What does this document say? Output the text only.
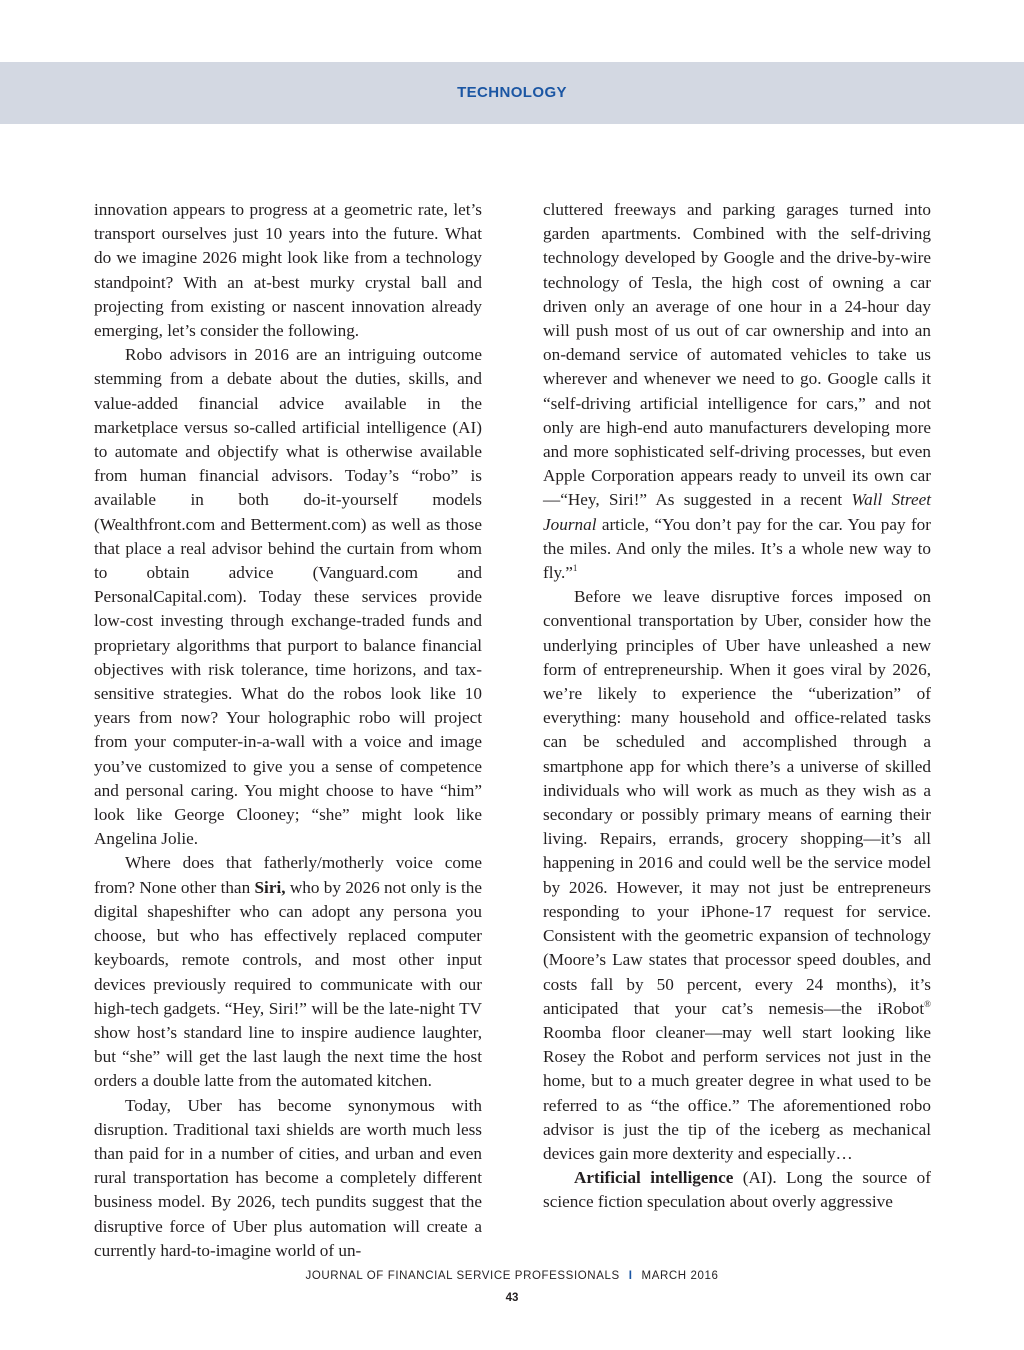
TECHNOLOGY

innovation appears to progress at a geometric rate, let’s transport ourselves just 10 years into the future. What do we imagine 2026 might look like from a technology standpoint? With an at-best murky crystal ball and projecting from existing or nascent innovation already emerging, let’s consider the following.

Robo advisors in 2016 are an intriguing outcome stemming from a debate about the duties, skills, and value-added financial advice available in the marketplace versus so-called artificial intelligence (AI) to automate and objectify what is otherwise available from human financial advisors. Today’s “robo” is available in both do-it-yourself models (Wealthfront.com and Betterment.com) as well as those that place a real advisor behind the curtain from whom to obtain advice (Vanguard.com and PersonalCapital.com). Today these services provide low-cost investing through exchange-traded funds and proprietary algorithms that purport to balance financial objectives with risk tolerance, time horizons, and tax-sensitive strategies. What do the robos look like 10 years from now? Your holographic robo will project from your computer-in-a-wall with a voice and image you’ve customized to give you a sense of competence and personal caring. You might choose to have “him” look like George Clooney; “she” might look like Angelina Jolie.

Where does that fatherly/motherly voice come from? None other than Siri, who by 2026 not only is the digital shapeshifter who can adopt any persona you choose, but who has effectively replaced computer keyboards, remote controls, and most other input devices previously required to communicate with our high-tech gadgets. “Hey, Siri!” will be the late-night TV show host’s standard line to inspire audience laughter, but “she” will get the last laugh the next time the host orders a double latte from the automated kitchen.

Today, Uber has become synonymous with disruption. Traditional taxi shields are worth much less than paid for in a number of cities, and urban and even rural transportation has become a completely different business model. By 2026, tech pundits suggest that the disruptive force of Uber plus automation will create a currently hard-to-imagine world of un-

cluttered freeways and parking garages turned into garden apartments. Combined with the self-driving technology developed by Google and the drive-by-wire technology of Tesla, the high cost of owning a car driven only an average of one hour in a 24-hour day will push most of us out of car ownership and into an on-demand service of automated vehicles to take us wherever and whenever we need to go. Google calls it “self-driving artificial intelligence for cars,” and not only are high-end auto manufacturers developing more and more sophisticated self-driving processes, but even Apple Corporation appears ready to unveil its own car—“Hey, Siri!” As suggested in a recent Wall Street Journal article, “You don’t pay for the car. You pay for the miles. And only the miles. It’s a whole new way to fly.”$^1$

Before we leave disruptive forces imposed on conventional transportation by Uber, consider how the underlying principles of Uber have unleashed a new form of entrepreneurship. When it goes viral by 2026, we’re likely to experience the “uberization” of everything: many household and office-related tasks can be scheduled and accomplished through a smartphone app for which there’s a universe of skilled individuals who will work as much as they wish as a secondary or possibly primary means of earning their living. Repairs, errands, grocery shopping—it’s all happening in 2016 and could well be the service model by 2026. However, it may not just be entrepreneurs responding to your iPhone-17 request for service. Consistent with the geometric expansion of technology (Moore’s Law states that processor speed doubles, and costs fall by 50 percent, every 24 months), it’s anticipated that your cat’s nemesis—the iRobot® Roomba floor cleaner—may well start looking like Rosey the Robot and perform services not just in the home, but to a much greater degree in what used to be referred to as “the office.” The aforementioned robo advisor is just the tip of the iceberg as mechanical devices gain more dexterity and especially…

Artificial intelligence (AI). Long the source of science fiction speculation about overly aggressive

JOURNAL OF FINANCIAL SERVICE PROFESSIONALS I MARCH 2016
43
